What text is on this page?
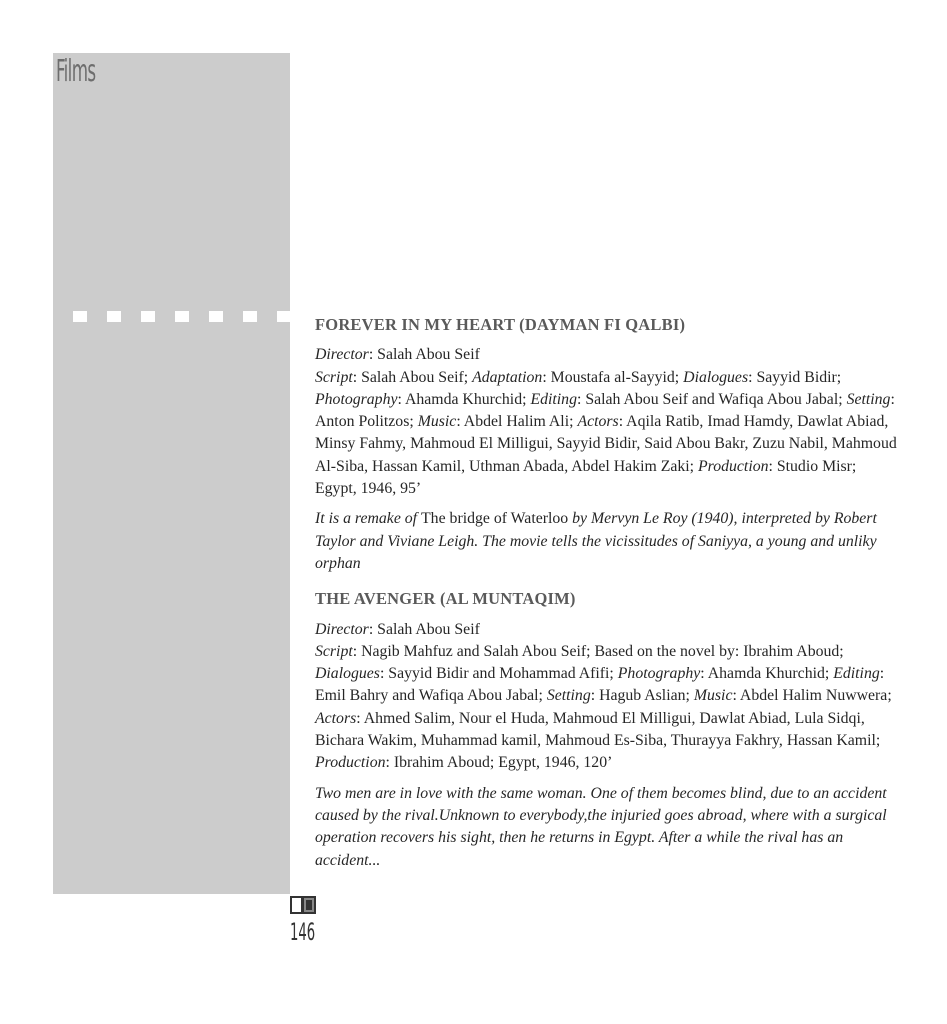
Films
FOREVER IN MY HEART (DAYMAN FI QALBI)

Director: Salah Abou Seif

Script: Salah Abou Seif; Adaptation: Moustafa al-Sayyid; Dialogues: Sayyid Bidir; Photography: Ahamda Khurchid; Editing: Salah Abou Seif and Wafiqa Abou Jabal; Setting: Anton Politzos; Music: Abdel Halim Ali; Actors: Aqila Ratib, Imad Hamdy, Dawlat Abiad, Minsy Fahmy, Mahmoud El Milligui, Sayyid Bidir, Said Abou Bakr, Zuzu Nabil, Mahmoud Al-Siba, Hassan Kamil, Uthman Abada, Abdel Hakim Zaki; Production: Studio Misr; Egypt, 1946, 95’

It is a remake of The bridge of Waterloo by Mervyn Le Roy (1940), interpreted by Robert Taylor and Viviane Leigh. The movie tells the vicissitudes of Saniyya, a young and unliky orphan

THE AVENGER (AL MUNTAQIM)

Director: Salah Abou Seif

Script: Nagib Mahfuz and Salah Abou Seif; Based on the novel by: Ibrahim Aboud; Dialogues: Sayyid Bidir and Mohammad Afifi; Photography: Ahamda Khurchid; Editing: Emil Bahry and Wafiqa Abou Jabal; Setting: Hagub Aslian; Music: Abdel Halim Nuwwera; Actors: Ahmed Salim, Nour el Huda, Mahmoud El Milligui, Dawlat Abiad, Lula Sidqi, Bichara Wakim, Muhammad kamil, Mahmoud Es-Siba, Thurayya Fakhry, Hassan Kamil; Production: Ibrahim Aboud; Egypt, 1946, 120’

Two men are in love with the same woman. One of them becomes blind, due to an accident caused by the rival.Unknown to everybody,the injuried goes abroad, where with a surgical operation recovers his sight, then he returns in Egypt. After a while the rival has an accident...

146
